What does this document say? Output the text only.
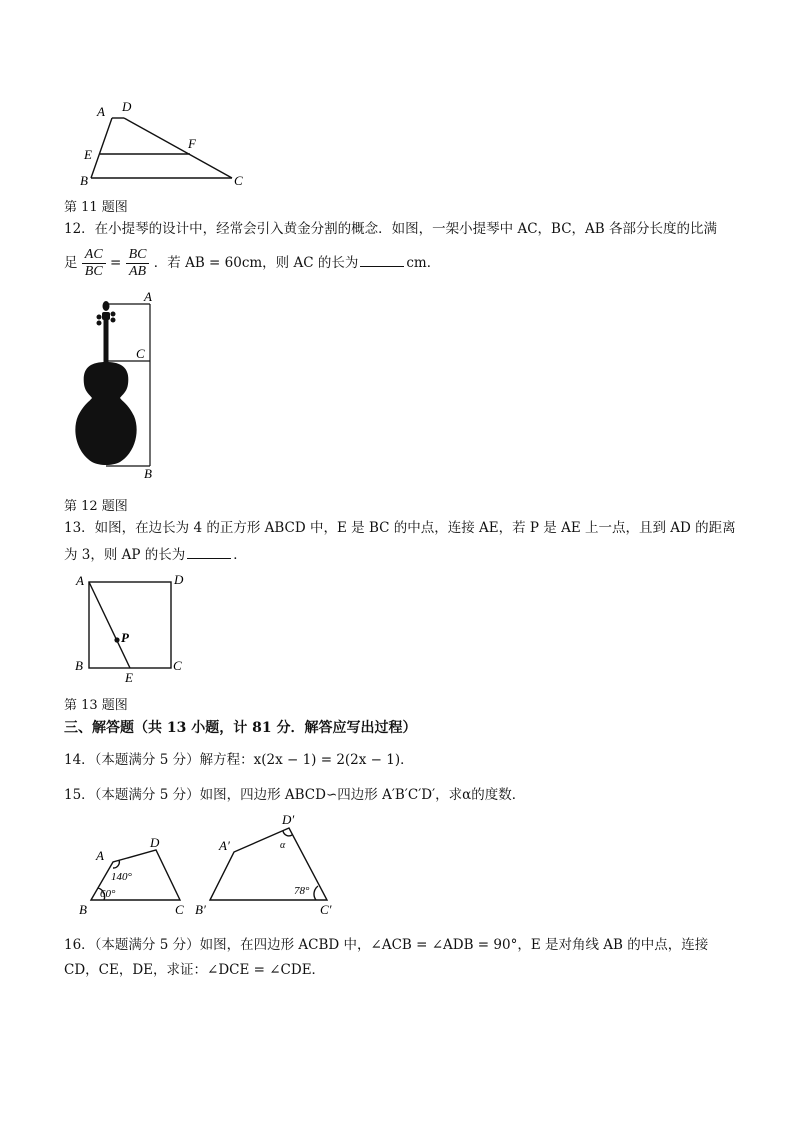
A D
E
F
B	C
第 11 题图
12．在小提琴的设计中，经常会引入黄金分割的概念．如图，一架小提琴中 AC，BC，AB 各部分长度的比满
足 $\frac{AC}{BC} = \frac{BC}{AB}$ ．若 AB = 60cm，则 AC 的长为	cm．
A
C
B
第 12 题图
13．如图，在边长为 4 的正方形 ABCD 中，E 是 BC 的中点，连接 AE，若 P 是 AE 上一点，且到 AD 的距离
为 3，则 AP 的长为	．
A	D
P
B	C
E
第 13 题图
三、解答题（共 13 小题，计 81 分．解答应写出过程）
14．（本题满分 5 分）解方程：x(2x − 1) = 2(2x − 1)．
15．（本题满分 5 分）如图，四边形 ABCD∽四边形 A′B′C′D′，求α的度数．
A
D
B	C
140°
60°
A′
D′
B′	C′
α
78°
16．（本题满分 5 分）如图，在四边形 ACBD 中，∠ACB = ∠ADB = 90°，E 是对角线 AB 的中点，连接
CD，CE，DE，求证：∠DCE = ∠CDE．
